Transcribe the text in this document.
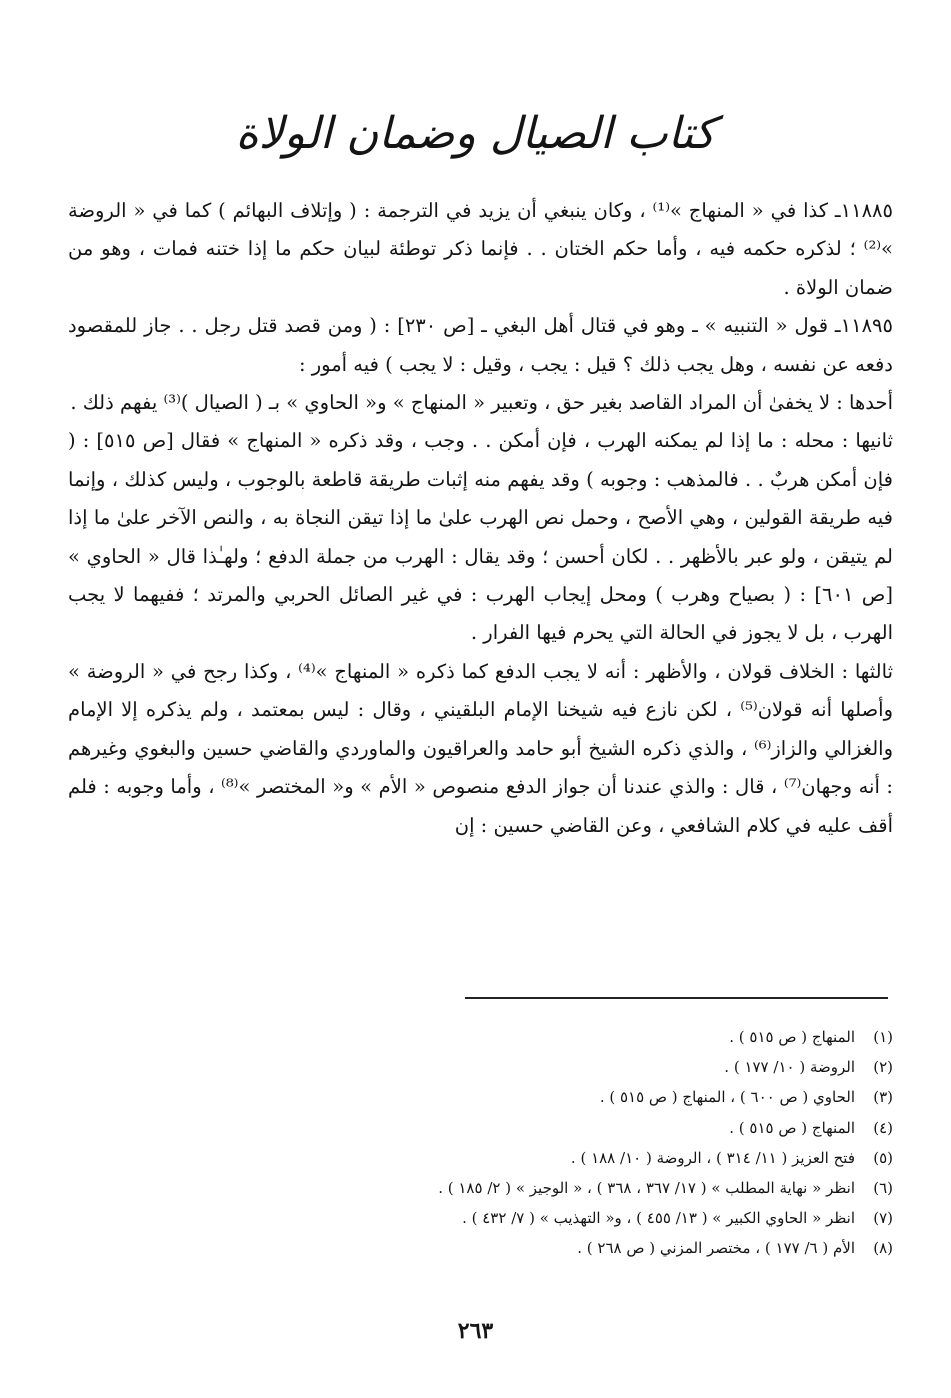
كتاب الصيال وضمان الولاة

١١٨٨٥ـ كذا في « المنهاج »⁽¹⁾ ، وكان ينبغي أن يزيد في الترجمة : ( وإتلاف البهائم ) كما في « الروضة »⁽²⁾ ؛ لذكره حكمه فيه ، وأما حكم الختان . . فإنما ذكر توطئة لبيان حكم ما إذا ختنه فمات ، وهو من ضمان الولاة .

١١٨٩٥ـ قول « التنبيه » ـ وهو في قتال أهل البغي ـ [ص ٢٣٠] : ( ومن قصد قتل رجل . . جاز للمقصود دفعه عن نفسه ، وهل يجب ذلك ؟ قيل : يجب ، وقيل : لا يجب ) فيه أمور :

أحدها : لا يخفىٰ أن المراد القاصد بغير حق ، وتعبير « المنهاج » و« الحاوي » بـ ( الصيال )⁽³⁾ يفهم ذلك .

ثانيها : محله : ما إذا لم يمكنه الهرب ، فإن أمكن . . وجب ، وقد ذكره « المنهاج » فقال [ص ٥١٥] : ( فإن أمكن هربٌ . . فالمذهب : وجوبه ) وقد يفهم منه إثبات طريقة قاطعة بالوجوب ، وليس كذلك ، وإنما فيه طريقة القولين ، وهي الأصح ، وحمل نص الهرب علىٰ ما إذا تيقن النجاة به ، والنص الآخر علىٰ ما إذا لم يتيقن ، ولو عبر بالأظهر . . لكان أحسن ؛ وقد يقال : الهرب من جملة الدفع ؛ ولهـٰذا قال « الحاوي » [ص ٦٠١] : ( بصياح وهرب ) ومحل إيجاب الهرب : في غير الصائل الحربي والمرتد ؛ ففيهما لا يجب الهرب ، بل لا يجوز في الحالة التي يحرم فيها الفرار .

ثالثها : الخلاف قولان ، والأظهر : أنه لا يجب الدفع كما ذكره « المنهاج »⁽⁴⁾ ، وكذا رجح في « الروضة » وأصلها أنه قولان⁽⁵⁾ ، لكن نازع فيه شيخنا الإمام البلقيني ، وقال : ليس بمعتمد ، ولم يذكره إلا الإمام والغزالي والزاز⁽⁶⁾ ، والذي ذكره الشيخ أبو حامد والعراقيون والماوردي والقاضي حسين والبغوي وغيرهم : أنه وجهان⁽⁷⁾ ، قال : والذي عندنا أن جواز الدفع منصوص « الأم » و« المختصر »⁽⁸⁾ ، وأما وجوبه : فلم أقف عليه في كلام الشافعي ، وعن القاضي حسين : إن

(١)
المنهاج ( ص ٥١٥ ) .
(٢)
الروضة ( ١٠/ ١٧٧ ) .
(٣)
الحاوي ( ص ٦٠٠ ) ، المنهاج ( ص ٥١٥ ) .
(٤)
المنهاج ( ص ٥١٥ ) .
(٥)
فتح العزيز ( ١١/ ٣١٤ ) ، الروضة ( ١٠/ ١٨٨ ) .
(٦)
انظر « نهاية المطلب » ( ١٧/ ٣٦٧ ، ٣٦٨ ) ، « الوجيز » ( ٢/ ١٨٥ ) .
(٧)
انظر « الحاوي الكبير » ( ١٣/ ٤٥٥ ) ، و« التهذيب » ( ٧/ ٤٣٢ ) .
(٨)
الأم ( ٦/ ١٧٧ ) ، مختصر المزني ( ص ٢٦٨ ) .
٢٦٣
